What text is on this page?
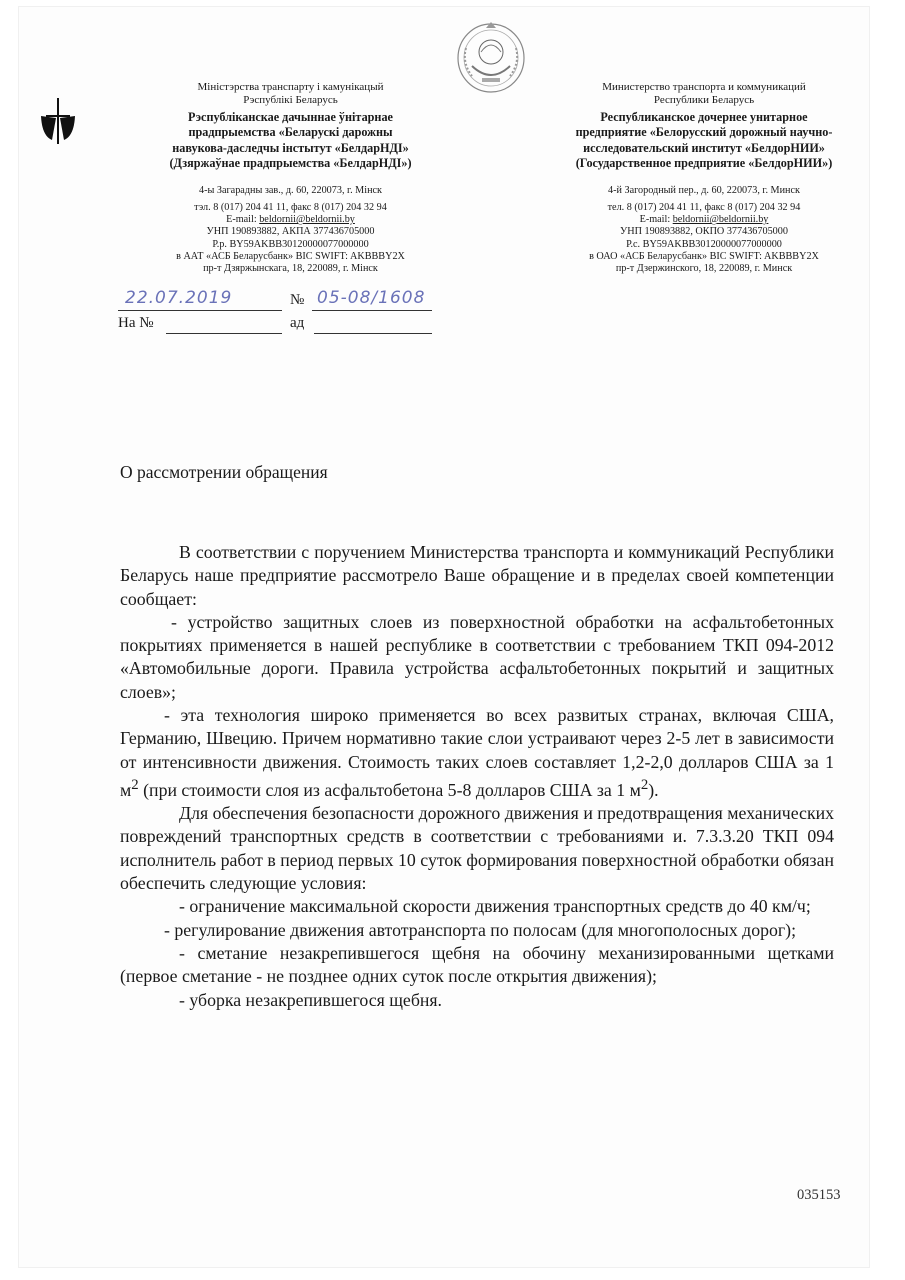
Міністэрства транспарту і камунікацый
Рэспублікі Беларусь
Рэспубліканскае дачыннае ўнітарнае
прадпрыемства «Беларускі дарожны
навукова-даследчы інстытут «БелдарНДІ»
(Дзяржаўнае прадпрыемства «БелдарНДІ»)
4-ы Загарадны зав., д. 60, 220073, г. Мінск
тэл. 8 (017) 204 41 11, факс 8 (017) 204 32 94
E-mail: beldornii@beldornii.by
УНП 190893882, АКПА 377436705000
Р.р. BY59AKBB30120000077000000
в ААТ «АСБ Беларусбанк» BIC SWIFT: AKBBBY2X
пр-т Дзяржынскага, 18, 220089, г. Мінск
Министерство транспорта и коммуникаций
Республики Беларусь
Республиканское дочернее унитарное
предприятие «Белорусский дорожный научно-
исследовательский институт «БелдорНИИ»
(Государственное предприятие «БелдорНИИ»)
4-й Загородный пер., д. 60, 220073, г. Минск
тел. 8 (017) 204 41 11, факс 8 (017) 204 32 94
E-mail: beldornii@beldornii.by
УНП 190893882, ОКПО 377436705000
Р.с. BY59AKBB30120000077000000
в ОАО «АСБ Беларусбанк» BIC SWIFT: AKBBBY2X
пр-т Дзержинского, 18, 220089, г. Минск
22.07.2019	№ 05-08/1608
На №	ад
О рассмотрении обращения

В соответствии с поручением Министерства транспорта и коммуникаций Республики Беларусь наше предприятие рассмотрело Ваше обращение и в пределах своей компетенции сообщает:

- устройство защитных слоев из поверхностной обработки на асфальтобетонных покрытиях применяется в нашей республике в соответствии с требованием ТКП 094-2012 «Автомобильные дороги. Правила устройства асфальтобетонных покрытий и защитных слоев»;

- эта технология широко применяется во всех развитых странах, включая США, Германию, Швецию. Причем нормативно такие слои устраивают через 2-5 лет в зависимости от интенсивности движения. Стоимость таких слоев составляет 1,2-2,0 долларов США за 1 $м^2$ (при стоимости слоя из асфальтобетона 5-8 долларов США за 1 $м^2$).

Для обеспечения безопасности дорожного движения и предотвращения механических повреждений транспортных средств в соответствии с требованиями и. 7.3.3.20 ТКП 094 исполнитель работ в период первых 10 суток формирования поверхностной обработки обязан обеспечить следующие условия:

- ограничение максимальной скорости движения транспортных средств до 40 км/ч;

- регулирование движения автотранспорта по полосам (для многополосных дорог);

- сметание незакрепившегося щебня на обочину механизированными щетками (первое сметание - не позднее одних суток после открытия движения);

- уборка незакрепившегося щебня.

035153
